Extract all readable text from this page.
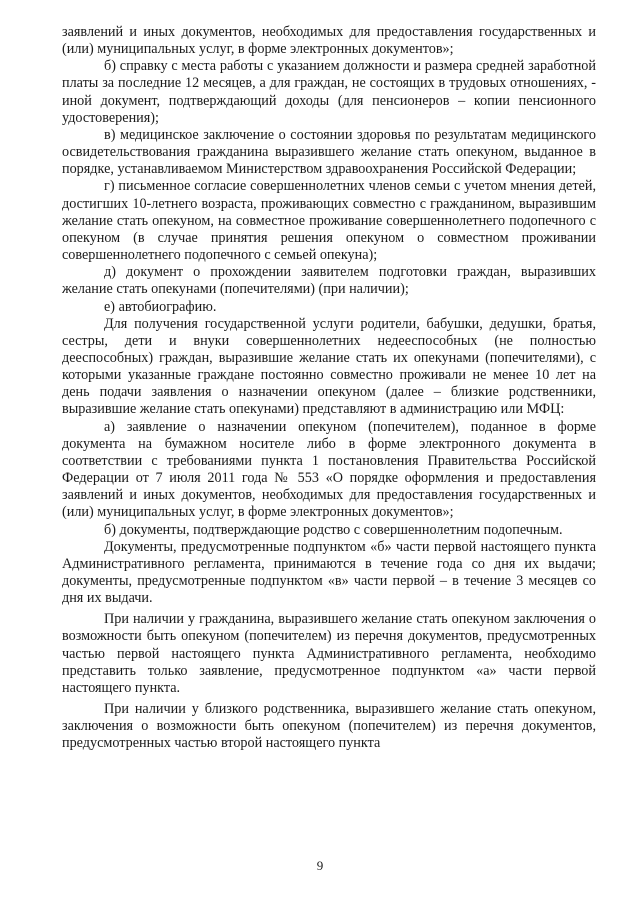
заявлений и иных документов, необходимых для предоставления государственных и (или) муниципальных услуг, в форме электронных документов»;

б) справку с места работы с указанием должности и размера средней заработной платы за последние 12 месяцев, а для граждан, не состоящих в трудовых отношениях, - иной документ, подтверждающий доходы (для пенсионеров – копии пенсионного удостоверения);

в) медицинское заключение о состоянии здоровья по результатам медицинского освидетельствования гражданина выразившего желание стать опекуном, выданное в порядке, устанавливаемом Министерством здравоохранения Российской Федерации;

г) письменное согласие совершеннолетних членов семьи с учетом мнения детей, достигших 10-летнего возраста, проживающих совместно с гражданином, выразившим желание стать опекуном, на совместное проживание совершеннолетнего подопечного с опекуном (в случае принятия решения опекуном о совместном проживании совершеннолетнего подопечного с семьей опекуна);

д) документ о прохождении заявителем подготовки граждан, выразивших желание стать опекунами (попечителями) (при наличии);

е) автобиографию.

Для получения государственной услуги родители, бабушки, дедушки, братья, сестры, дети и внуки совершеннолетних недееспособных (не полностью дееспособных) граждан, выразившие желание стать их опекунами (попечителями), с которыми указанные граждане постоянно совместно проживали не менее 10 лет на день подачи заявления о назначении опекуном (далее – близкие родственники, выразившие желание стать опекунами) представляют в администрацию или МФЦ:

а) заявление о назначении опекуном (попечителем), поданное в форме документа на бумажном носителе либо в форме электронного документа в соответствии с требованиями пункта 1 постановления Правительства Российской Федерации от 7 июля 2011 года № 553 «О порядке оформления и предоставления заявлений и иных документов, необходимых для предоставления государственных и (или) муниципальных услуг, в форме электронных документов»;

б) документы, подтверждающие родство с совершеннолетним подопечным.

Документы, предусмотренные подпунктом «б» части первой настоящего пункта Административного регламента, принимаются в течение года со дня их выдачи; документы, предусмотренные подпунктом «в» части первой – в течение 3 месяцев со дня их выдачи.

При наличии у гражданина, выразившего желание стать опекуном заключения о возможности быть опекуном (попечителем) из перечня документов, предусмотренных частью первой настоящего пункта Административного регламента, необходимо представить только заявление, предусмотренное подпунктом «а» части первой настоящего пункта.

При наличии у близкого родственника, выразившего желание стать опекуном, заключения о возможности быть опекуном (попечителем) из перечня документов, предусмотренных частью второй настоящего пункта

9
